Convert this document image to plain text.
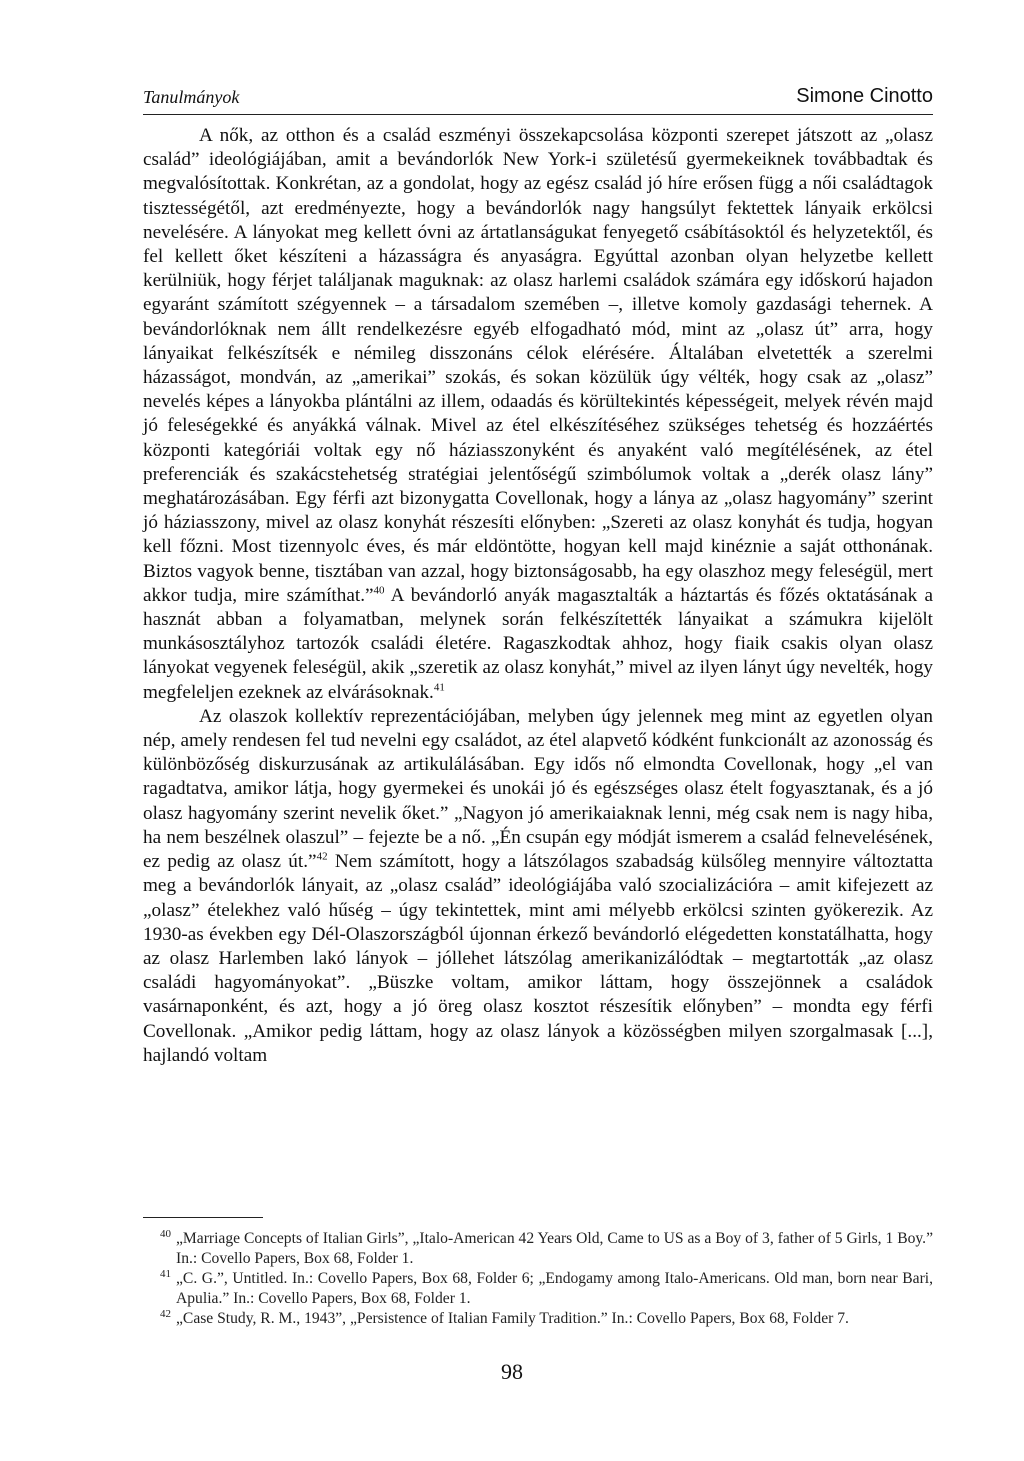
Tanulmányok	Simone Cinotto

A nők, az otthon és a család eszményi összekapcsolása központi szerepet játszott az „olasz család” ideológiájában, amit a bevándorlók New York-i születésű gyermekeiknek továbbadtak és megvalósítottak. Konkrétan, az a gondolat, hogy az egész család jó híre erősen függ a női családtagok tisztességétől, azt eredményezte, hogy a bevándorlók nagy hangsúlyt fektettek lányaik erkölcsi nevelésére. A lányokat meg kellett óvni az ártatlanságukat fenyegető csábításoktól és helyzetektől, és fel kellett őket készíteni a házasságra és anyaságra. Egyúttal azonban olyan helyzetbe kellett kerülniük, hogy férjet találjanak maguknak: az olasz harlemi családok számára egy időskorú hajadon egyaránt számított szégyennek – a társadalom szemében –, illetve komoly gazdasági tehernek. A bevándorlóknak nem állt rendelkezésre egyéb elfogadható mód, mint az „olasz út” arra, hogy lányaikat felkészítsék e némileg disszonáns célok elérésére. Általában elvetették a szerelmi házasságot, mondván, az „amerikai” szokás, és sokan közülük úgy vélték, hogy csak az „olasz” nevelés képes a lányokba plántálni az illem, odaadás és körültekintés képességeit, melyek révén majd jó feleségekké és anyákká válnak. Mivel az étel elkészítéséhez szükséges tehetség és hozzáértés központi kategóriái voltak egy nő háziasszonyként és anyaként való megítélésének, az étel preferenciák és szakácstehetség stratégiai jelentőségű szimbólumok voltak a „derék olasz lány” meghatározásában. Egy férfi azt bizonygatta Covellonak, hogy a lánya az „olasz hagyomány” szerint jó háziasszony, mivel az olasz konyhát részesíti előnyben: „Szereti az olasz konyhát és tudja, hogyan kell főzni. Most tizennyolc éves, és már eldöntötte, hogyan kell majd kinéznie a saját otthonának. Biztos vagyok benne, tisztában van azzal, hogy biztonságosabb, ha egy olaszhoz megy feleségül, mert akkor tudja, mire számíthat.”$^{40}$ A bevándorló anyák magasztalták a háztartás és főzés oktatásának a hasznát abban a folyamatban, melynek során felkészítették lányaikat a számukra kijelölt munkásosztályhoz tartozók családi életére. Ragaszkodtak ahhoz, hogy fiaik csakis olyan olasz lányokat vegyenek feleségül, akik „szeretik az olasz konyhát,” mivel az ilyen lányt úgy nevelték, hogy megfeleljen ezeknek az elvárásoknak.$^{41}$

Az olaszok kollektív reprezentációjában, melyben úgy jelennek meg mint az egyetlen olyan nép, amely rendesen fel tud nevelni egy családot, az étel alapvető kódként funkcionált az azonosság és különbözőség diskurzusának az artikulálásában. Egy idős nő elmondta Covellonak, hogy „el van ragadtatva, amikor látja, hogy gyermekei és unokái jó és egészséges olasz ételt fogyasztanak, és a jó olasz hagyomány szerint nevelik őket.” „Nagyon jó amerikaiaknak lenni, még csak nem is nagy hiba, ha nem beszélnek olaszul” – fejezte be a nő. „Én csupán egy módját ismerem a család felnevelésének, ez pedig az olasz út.”$^{42}$ Nem számított, hogy a látszólagos szabadság külsőleg mennyire változtatta meg a bevándorlók lányait, az „olasz család” ideológiájába való szocializációra – amit kifejezett az „olasz” ételekhez való hűség – úgy tekintettek, mint ami mélyebb erkölcsi szinten gyökerezik. Az 1930-as években egy Dél-Olaszországból újonnan érkező bevándorló elégedetten konstatálhatta, hogy az olasz Harlemben lakó lányok – jóllehet látszólag amerikanizálódtak – megtartották „az olasz családi hagyományokat”. „Büszke voltam, amikor láttam, hogy összejönnek a családok vasárnaponként, és azt, hogy a jó öreg olasz kosztot részesítik előnyben” – mondta egy férfi Covellonak. „Amikor pedig láttam, hogy az olasz lányok a közösségben milyen szorgalmasak [...], hajlandó voltam

40 „Marriage Concepts of Italian Girls”, „Italo-American 42 Years Old, Came to US as a Boy of 3, father of 5 Girls, 1 Boy.” In.: Covello Papers, Box 68, Folder 1.
41 „C. G.”, Untitled. In.: Covello Papers, Box 68, Folder 6; „Endogamy among Italo-Americans. Old man, born near Bari, Apulia.” In.: Covello Papers, Box 68, Folder 1.
42 „Case Study, R. M., 1943”, „Persistence of Italian Family Tradition.” In.: Covello Papers, Box 68, Folder 7.
98
